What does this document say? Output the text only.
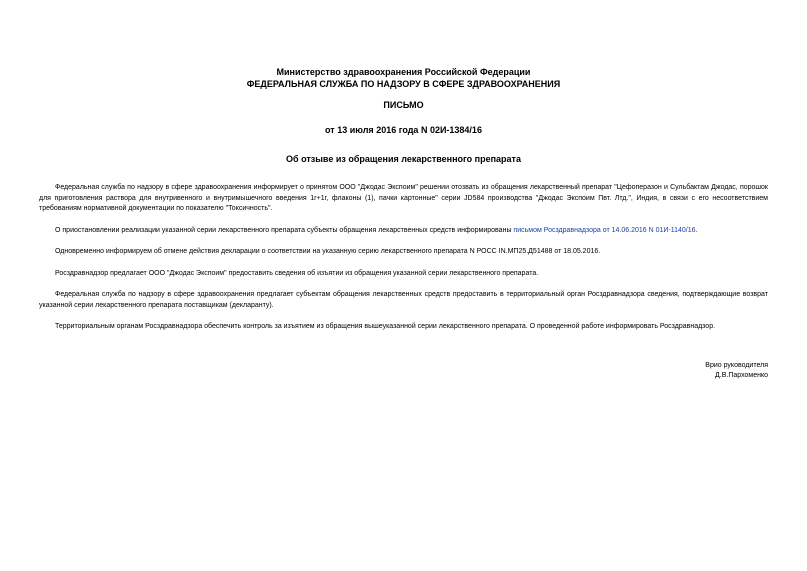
Министерство здравоохранения Российской Федерации
ФЕДЕРАЛЬНАЯ СЛУЖБА ПО НАДЗОРУ В СФЕРЕ ЗДРАВООХРАНЕНИЯ
ПИСЬМО
от 13 июля 2016 года N 02И-1384/16
Об отзыве из обращения лекарственного препарата

Федеральная служба по надзору в сфере здравоохранения информирует о принятом ООО "Джодас Экспоим" решении отозвать из обращения лекарственный препарат "Цефоперазон и Сульбактам Джодас, порошок для приготовления раствора для внутривенного и внутримышечного введения 1г+1г, флаконы (1), пачки картонные" серии JD584 производства "Джодас Экспоим Пвт. Лтд.", Индия, в связи с его несоответствием требованиям нормативной документации по показателю "Токсичность".

О приостановлении реализации указанной серии лекарственного препарата субъекты обращения лекарственных средств информированы письмом Росздравнадзора от 14.06.2016 N 01И-1140/16.

Одновременно информируем об отмене действия декларации о соответствии на указанную серию лекарственного препарата N РОСС IN.МП25.Д51488 от 18.05.2016.

Росздравнадзор предлагает ООО "Джодас Экспоим" предоставить сведения об изъятии из обращения указанной серии лекарственного препарата.

Федеральная служба по надзору в сфере здравоохранения предлагает субъектам обращения лекарственных средств предоставить в территориальный орган Росздравнадзора сведения, подтверждающие возврат указанной серии лекарственного препарата поставщикам (декларанту).

Территориальным органам Росздравнадзора обеспечить контроль за изъятием из обращения вышеуказанной серии лекарственного препарата. О проведенной работе информировать Росздравнадзор.

Врио руководителя
Д.В.Пархоменко
